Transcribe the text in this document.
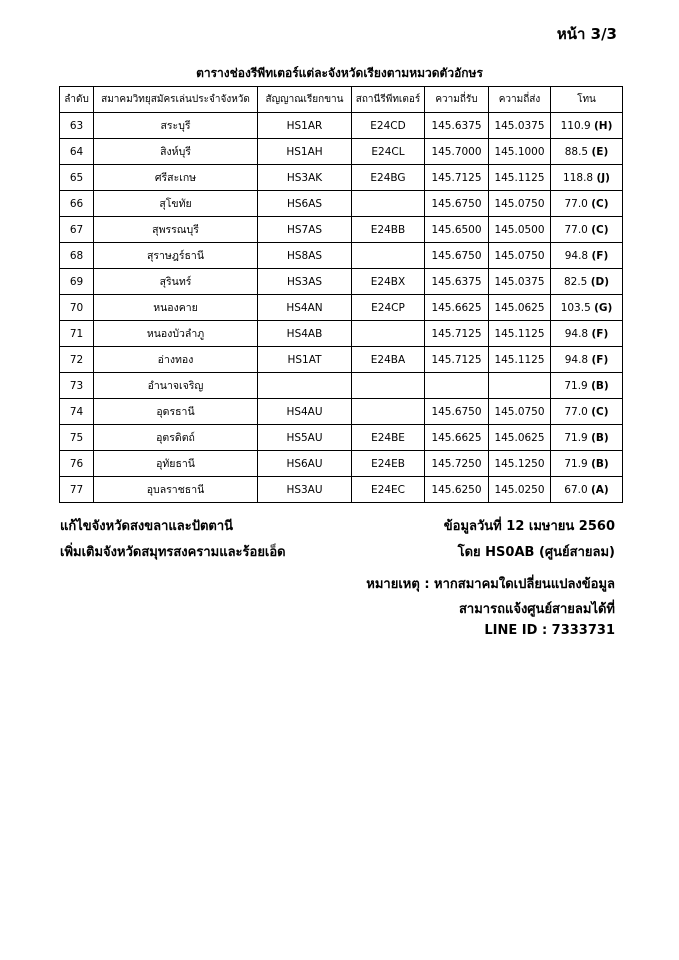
หน้า 3/3
ตารางช่องรีพีทเตอร์แต่ละจังหวัดเรียงตามหมวดตัวอักษร
ลำดับ	สมาคมวิทยุสมัครเล่นประจำจังหวัด	สัญญาณเรียกขาน	สถานีรีพีทเตอร์	ความถี่รับ	ความถี่ส่ง	โทน
63	สระบุรี	HS1AR	E24CD	145.6375	145.0375	110.9 (H)
64	สิงห์บุรี	HS1AH	E24CL	145.7000	145.1000	88.5 (E)
65	ศรีสะเกษ	HS3AK	E24BG	145.7125	145.1125	118.8 (J)
66	สุโขทัย	HS6AS		145.6750	145.0750	77.0 (C)
67	สุพรรณบุรี	HS7AS	E24BB	145.6500	145.0500	77.0 (C)
68	สุราษฎร์ธานี	HS8AS		145.6750	145.0750	94.8 (F)
69	สุรินทร์	HS3AS	E24BX	145.6375	145.0375	82.5 (D)
70	หนองคาย	HS4AN	E24CP	145.6625	145.0625	103.5 (G)
71	หนองบัวลำภู	HS4AB		145.7125	145.1125	94.8 (F)
72	อ่างทอง	HS1AT	E24BA	145.7125	145.1125	94.8 (F)
73	อำนาจเจริญ					71.9 (B)
74	อุดรธานี	HS4AU		145.6750	145.0750	77.0 (C)
75	อุตรดิตถ์	HS5AU	E24BE	145.6625	145.0625	71.9 (B)
76	อุทัยธานี	HS6AU	E24EB	145.7250	145.1250	71.9 (B)
77	อุบลราชธานี	HS3AU	E24EC	145.6250	145.0250	67.0 (A)
แก้ไขจังหวัดสงขลาและปัตตานี
เพิ่มเติมจังหวัดสมุทรสงครามและร้อยเอ็ด
ข้อมูลวันที่ 12 เมษายน 2560
โดย HS0AB (ศูนย์สายลม)
หมายเหตุ : หากสมาคมใดเปลี่ยนแปลงข้อมูล
สามารถแจ้งศูนย์สายลมได้ที่
LINE ID : 7333731
